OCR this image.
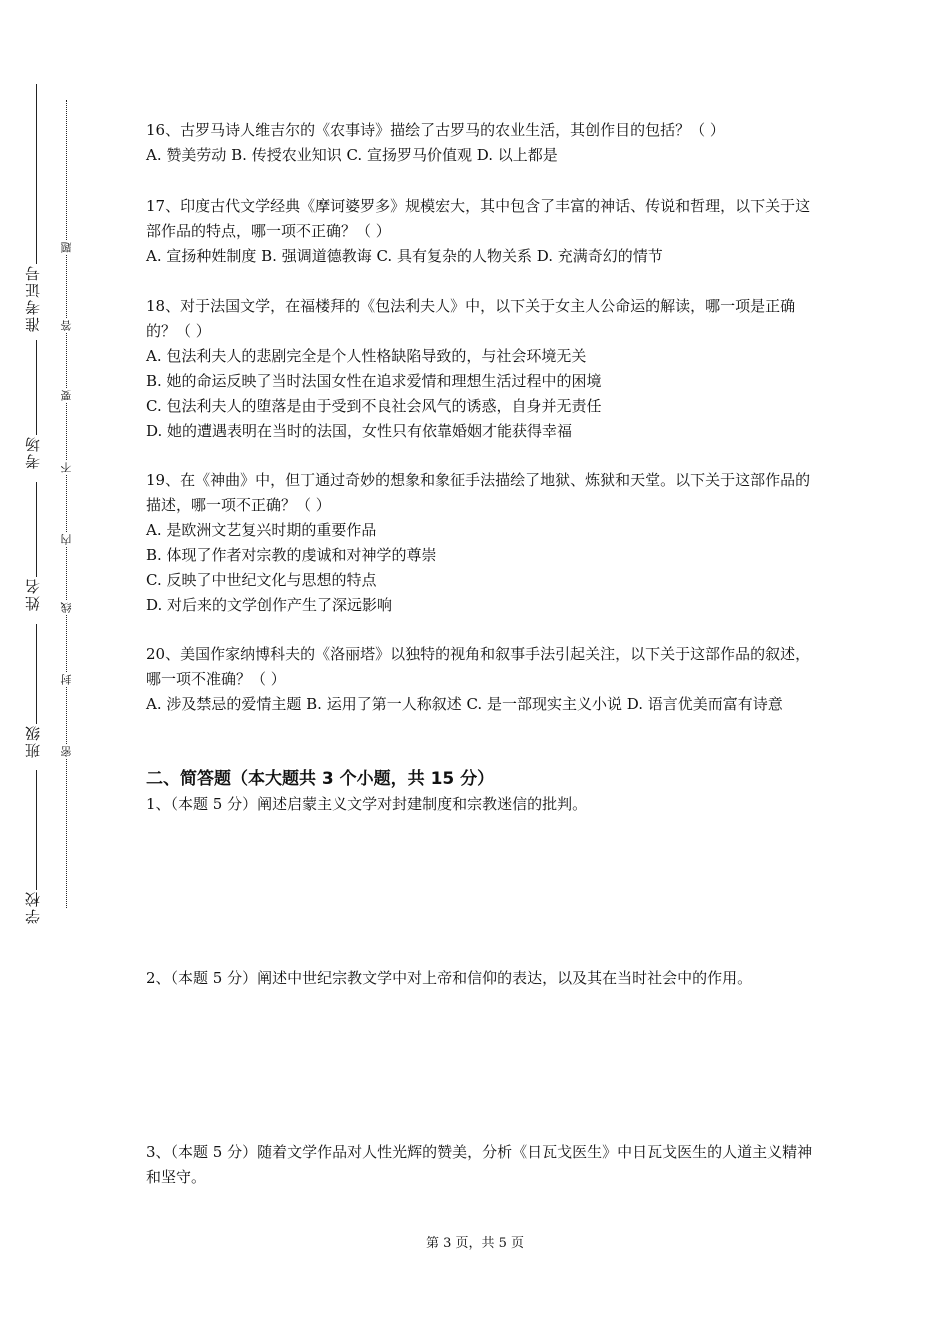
准考证号
考场
姓名
班级
学校
题
答
要
不
内
线
封
密

16、古罗马诗人维吉尔的《农事诗》描绘了古罗马的农业生活，其创作目的包括？（ ）

A. 赞美劳动 B. 传授农业知识 C. 宣扬罗马价值观 D. 以上都是

17、印度古代文学经典《摩诃婆罗多》规模宏大，其中包含了丰富的神话、传说和哲理，以下关于这部作品的特点，哪一项不正确？（ ）

A. 宣扬种姓制度 B. 强调道德教诲 C. 具有复杂的人物关系 D. 充满奇幻的情节

18、对于法国文学，在福楼拜的《包法利夫人》中，以下关于女主人公命运的解读，哪一项是正确的？（ ）

A. 包法利夫人的悲剧完全是个人性格缺陷导致的，与社会环境无关

B. 她的命运反映了当时法国女性在追求爱情和理想生活过程中的困境

C. 包法利夫人的堕落是由于受到不良社会风气的诱惑，自身并无责任

D. 她的遭遇表明在当时的法国，女性只有依靠婚姻才能获得幸福

19、在《神曲》中，但丁通过奇妙的想象和象征手法描绘了地狱、炼狱和天堂。以下关于这部作品的描述，哪一项不正确？（ ）

A. 是欧洲文艺复兴时期的重要作品

B. 体现了作者对宗教的虔诚和对神学的尊崇

C. 反映了中世纪文化与思想的特点

D. 对后来的文学创作产生了深远影响

20、美国作家纳博科夫的《洛丽塔》以独特的视角和叙事手法引起关注，以下关于这部作品的叙述，哪一项不准确？（ ）

A. 涉及禁忌的爱情主题 B. 运用了第一人称叙述 C. 是一部现实主义小说 D. 语言优美而富有诗意

二、简答题（本大题共 3 个小题，共 15 分）
1、（本题 5 分）阐述启蒙主义文学对封建制度和宗教迷信的批判。
2、（本题 5 分）阐述中世纪宗教文学中对上帝和信仰的表达，以及其在当时社会中的作用。
3、（本题 5 分）随着文学作品对人性光辉的赞美，分析《日瓦戈医生》中日瓦戈医生的人道主义精神和坚守。
第 3 页，共 5 页
